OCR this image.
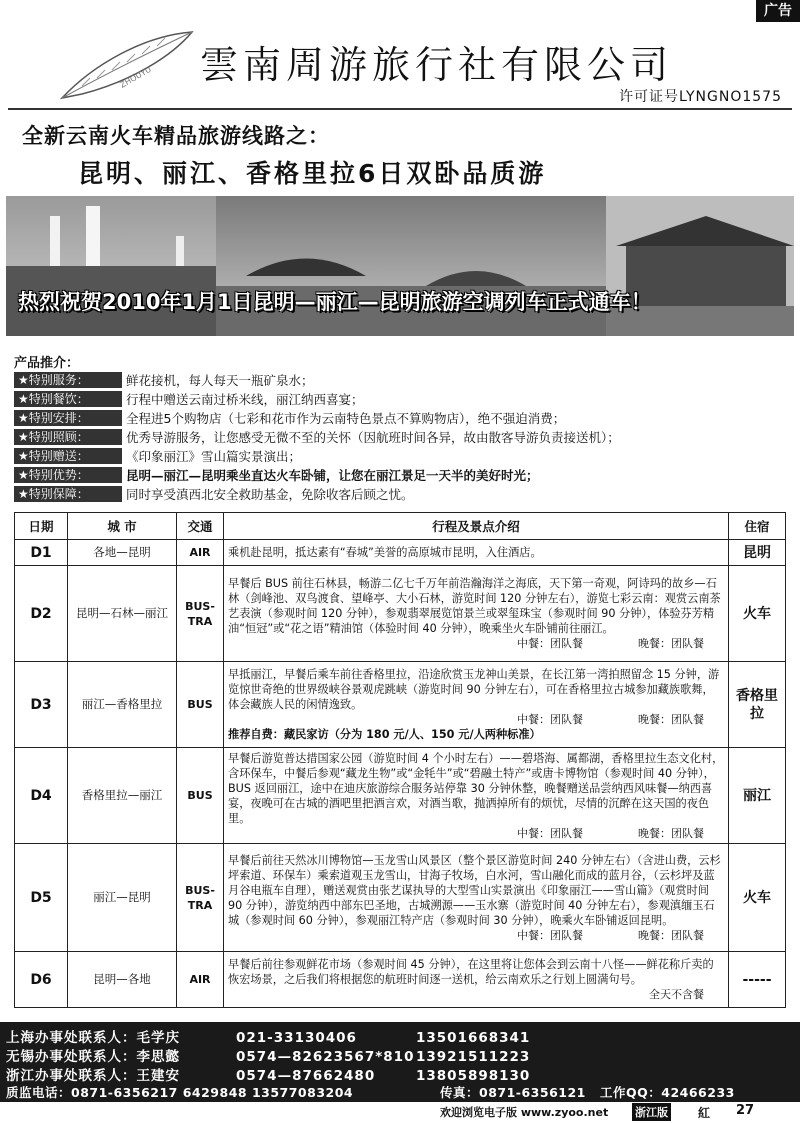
广告
ZHOUYU 雲南周游旅行社有限公司
许可证号LYNGNO1575
全新云南火车精品旅游线路之：
昆明、丽江、香格里拉6日双卧品质游
热烈祝贺2010年1月1日昆明—丽江—昆明旅游空调列车正式通车！
产品推介：
★特别服务：	鲜花接机，每人每天一瓶矿泉水；
★特别餐饮：	行程中赠送云南过桥米线，丽江纳西喜宴；
★特别安排：	全程进5个购物店（七彩和花市作为云南特色景点不算购物店），绝不强迫消费；
★特别照顾：	优秀导游服务，让您感受无微不至的关怀（因航班时间各异，故由散客导游负责接送机）；
★特别赠送：	《印象丽江》雪山篇实景演出；
★特别优势：	昆明—丽江—昆明乘坐直达火车卧铺，让您在丽江景足一天半的美好时光；
★特别保障：	同时享受滇西北安全救助基金，免除收客后顾之忧。
日期	城 市	交通	行程及景点介绍	住宿
D1	各地—昆明	AIR	乘机赴昆明，抵达素有“春城”美誉的高原城市昆明，入住酒店。	昆明
D2	昆明—石林—丽江	BUS-TRA	早餐后 BUS 前往石林县，畅游二亿七千万年前浩瀚海洋之海底，天下第一奇观，阿诗玛的故乡—石林（剑峰池、双鸟渡食、望峰亭、大小石林，游览时间 120 分钟左右），游览七彩云南：观赏云南茶艺表演（参观时间 120 分钟），参观翡翠展览馆景兰或翠玺珠宝（参观时间 90 分钟），体验芬芳精油“恒冠”或“花之语”精油馆（体验时间 40 分钟），晚乘坐火车卧铺前往丽江。
中餐：团队餐　　　　　晚餐：团队餐	火车
D3	丽江—香格里拉	BUS	早抵丽江，早餐后乘车前往香格里拉，沿途欣赏玉龙神山美景，在长江第一湾拍照留念 15 分钟，游览惊世奇绝的世界级峡谷景观虎跳峡（游览时间 90 分钟左右），可在香格里拉古城参加藏族歌舞，体会藏族人民的闲情逸致。
中餐：团队餐　　　　　晚餐：团队餐
推荐自费：藏民家访（分为 180 元/人、150 元/人两种标准）	香格里拉
D4	香格里拉—丽江	BUS	早餐后游览普达措国家公园（游览时间 4 个小时左右）——碧塔海、属都湖，香格里拉生态文化村，含环保车，中餐后参观“藏龙生物”或“金牦牛”或“碧融土特产”或唐卡博物馆（参观时间 40 分钟），BUS 返回丽江，途中在迪庆旅游综合服务站停靠 30 分钟休整，晚餐赠送品尝纳西风味餐—纳西喜宴，夜晚可在古城的酒吧里把酒言欢，对酒当歌，抛洒掉所有的烦忧，尽情的沉醉在这天国的夜色里。
中餐：团队餐　　　　　晚餐：团队餐	丽江
D5	丽江—昆明	BUS-TRA	早餐后前往天然冰川博物馆—玉龙雪山风景区（整个景区游览时间 240 分钟左右）（含进山费，云杉坪索道、环保车）乘索道观玉龙雪山，甘海子牧场，白水河，雪山融化而成的蓝月谷，（云杉坪及蓝月谷电瓶车自理），赠送观赏由张艺谋执导的大型雪山实景演出《印象丽江——雪山篇》（观赏时间 90 分钟），游览纳西中部东巴圣地，古城溯源——玉水寨（游览时间 40 分钟左右），参观滇缅玉石城（参观时间 60 分钟），参观丽江特产店（参观时间 30 分钟），晚乘火车卧铺返回昆明。
中餐：团队餐　　　　　晚餐：团队餐	火车
D6	昆明—各地	AIR	早餐后前往参观鲜花市场（参观时间 45 分钟），在这里将让您体会到云南十八怪——鲜花称斤卖的恢宏场景，之后我们将根据您的航班时间逐一送机，给云南欢乐之行划上圆满句号。
全天不含餐	-----
上海办事处联系人：毛学庆	021-33130406	13501668341
无锡办事处联系人：李思懿	0574—82623567*810 13921511223
浙江办事处联系人：王建安	0574—87662480	13805898130
质监电话：0871-6356217 6429848 13577083204	传真：0871-6356121 工作QQ：42466233
欢迎浏览电子版 www.zyoo.net 浙江版	紅 27
